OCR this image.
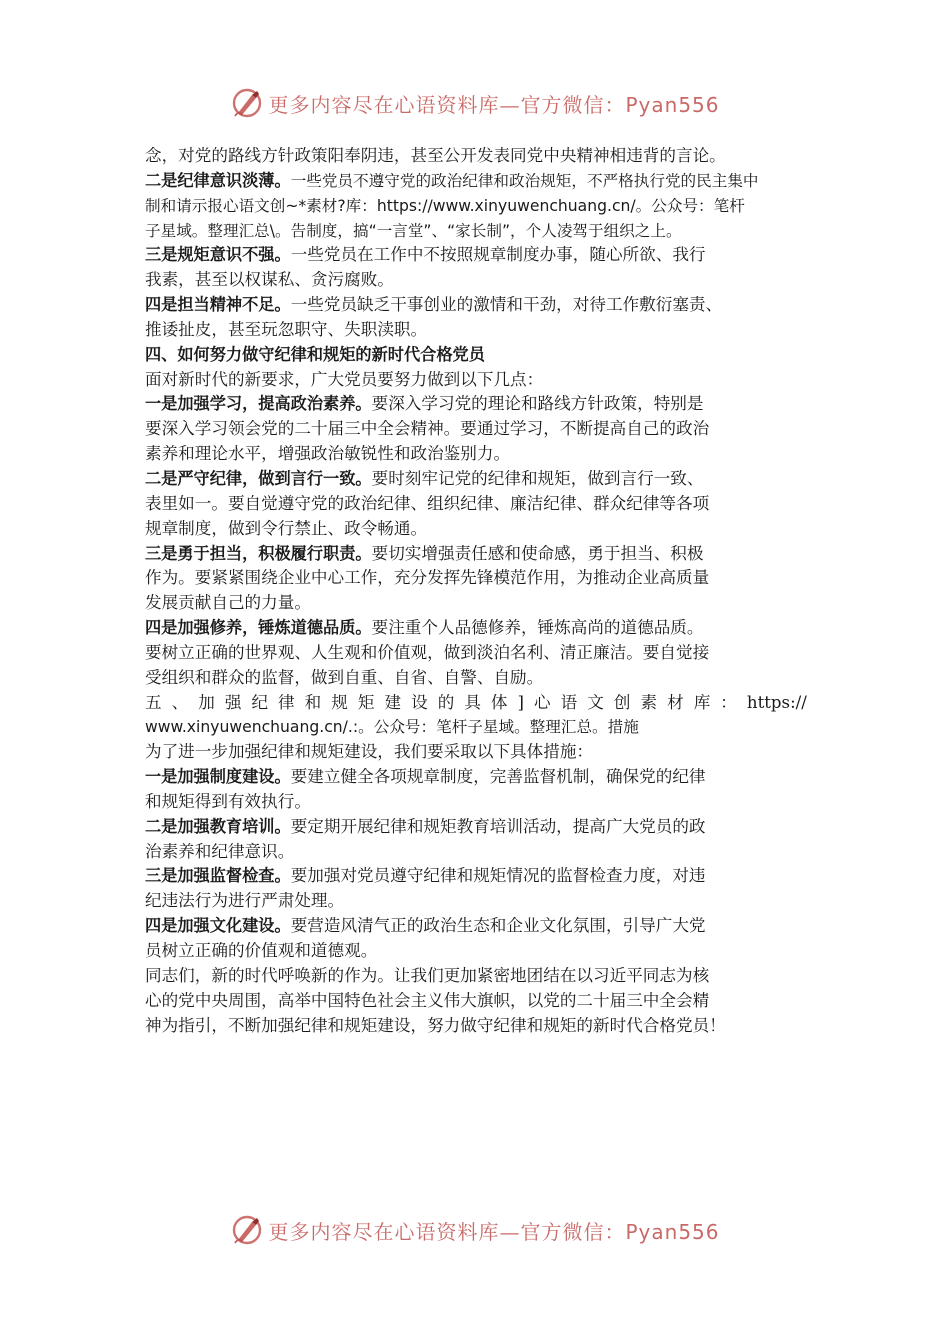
更多内容尽在心语资料库—官方微信：Pyan556
念，对党的路线方针政策阳奉阴违，甚至公开发表同党中央精神相违背的言论。
二是纪律意识淡薄。一些党员不遵守党的政治纪律和政治规矩，不严格执行党的民主集中
制和请示报心语文创~*素材?库：https://www.xinyuwenchuang.cn/。公众号：笔杆
子星域。整理汇总\。告制度，搞“一言堂”、“家长制”，个人凌驾于组织之上。
三是规矩意识不强。一些党员在工作中不按照规章制度办事，随心所欲、我行
我素，甚至以权谋私、贪污腐败。
四是担当精神不足。一些党员缺乏干事创业的激情和干劲，对待工作敷衍塞责、
推诿扯皮，甚至玩忽职守、失职渎职。
四、如何努力做守纪律和规矩的新时代合格党员
面对新时代的新要求，广大党员要努力做到以下几点：
一是加强学习，提高政治素养。要深入学习党的理论和路线方针政策，特别是
要深入学习领会党的二十届三中全会精神。要通过学习，不断提高自己的政治
素养和理论水平，增强政治敏锐性和政治鉴别力。
二是严守纪律，做到言行一致。要时刻牢记党的纪律和规矩，做到言行一致、
表里如一。要自觉遵守党的政治纪律、组织纪律、廉洁纪律、群众纪律等各项
规章制度，做到令行禁止、政令畅通。
三是勇于担当，积极履行职责。要切实增强责任感和使命感，勇于担当、积极
作为。要紧紧围绕企业中心工作，充分发挥先锋模范作用，为推动企业高质量
发展贡献自己的力量。
四是加强修养，锤炼道德品质。要注重个人品德修养，锤炼高尚的道德品质。
要树立正确的世界观、人生观和价值观，做到淡泊名利、清正廉洁。要自觉接
受组织和群众的监督，做到自重、自省、自警、自励。
五 、 加 强 纪 律 和 规 矩 建 设 的 具 体 ] 心 语 文 创 素 材 库 ： https://
www.xinyuwenchuang.cn/.:。公众号：笔杆子星域。整理汇总。措施
为了进一步加强纪律和规矩建设，我们要采取以下具体措施：
一是加强制度建设。要建立健全各项规章制度，完善监督机制，确保党的纪律
和规矩得到有效执行。
二是加强教育培训。要定期开展纪律和规矩教育培训活动，提高广大党员的政
治素养和纪律意识。
三是加强监督检查。要加强对党员遵守纪律和规矩情况的监督检查力度，对违
纪违法行为进行严肃处理。
四是加强文化建设。要营造风清气正的政治生态和企业文化氛围，引导广大党
员树立正确的价值观和道德观。
同志们，新的时代呼唤新的作为。让我们更加紧密地团结在以习近平同志为核
心的党中央周围，高举中国特色社会主义伟大旗帜，以党的二十届三中全会精
神为指引，不断加强纪律和规矩建设，努力做守纪律和规矩的新时代合格党员！
更多内容尽在心语资料库—官方微信：Pyan556
